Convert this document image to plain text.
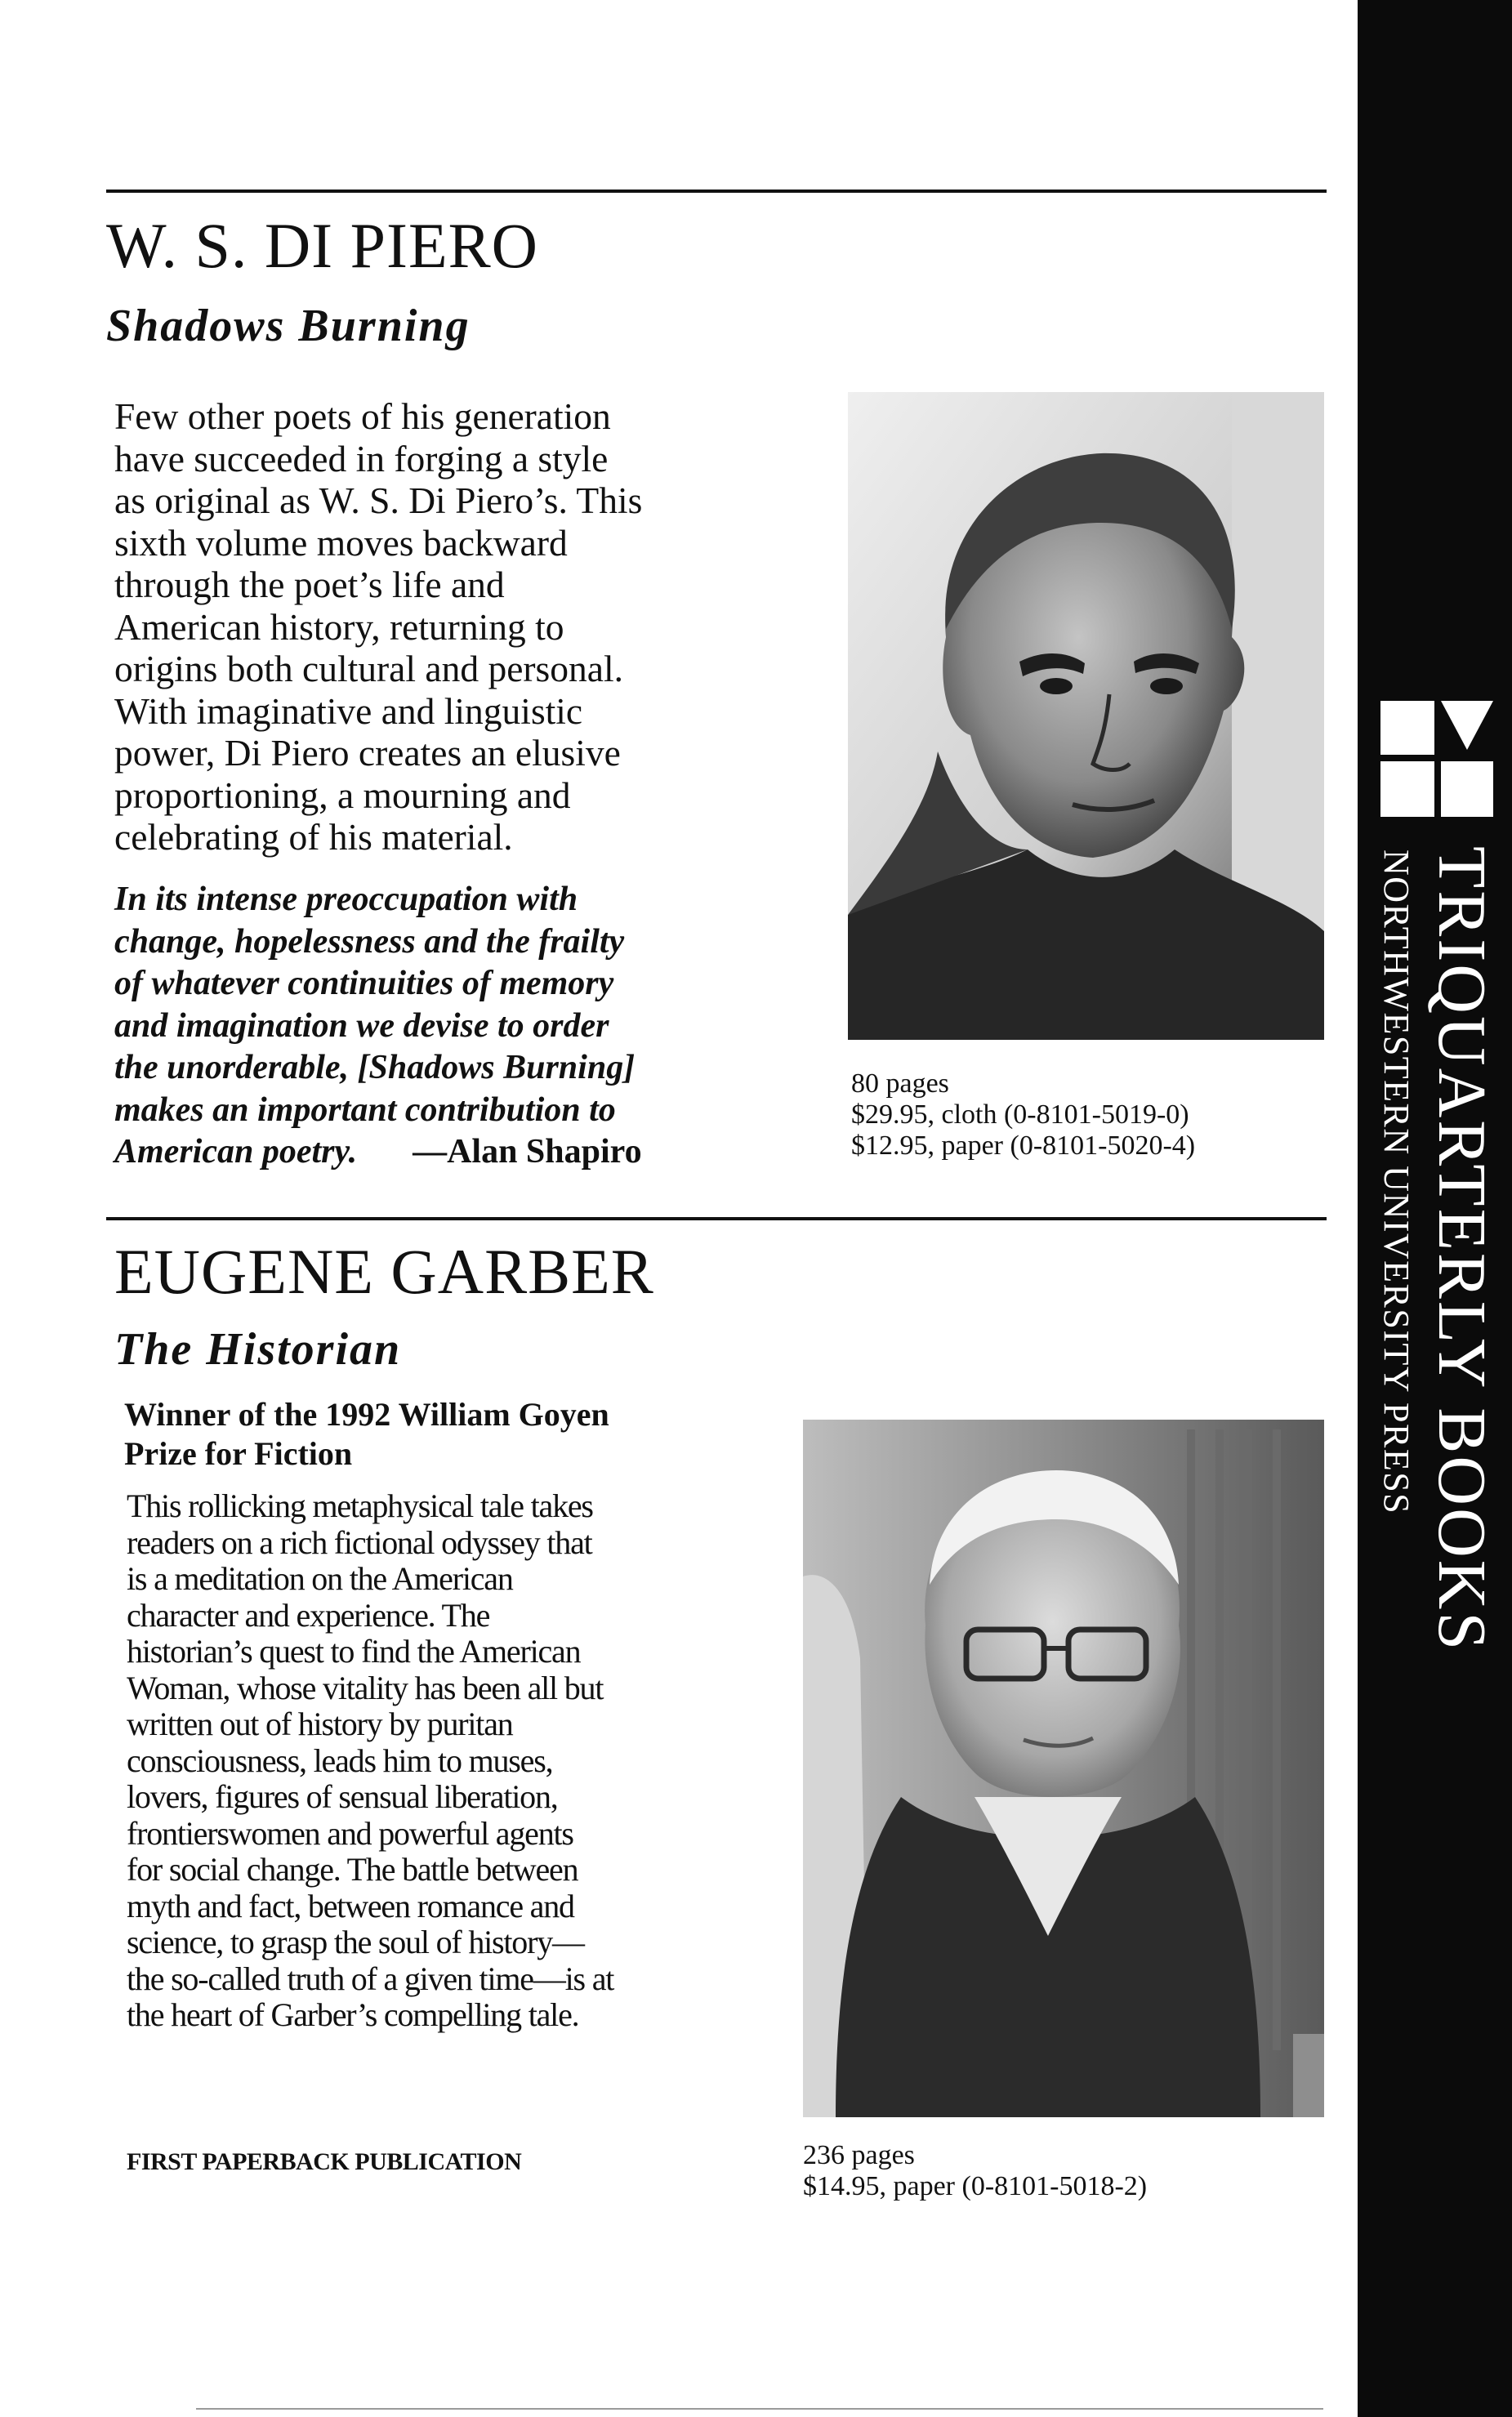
W. S. DI PIERO
Shadows Burning
Few other poets of his generation
have succeeded in forging a style
as original as W. S. Di Piero’s. This
sixth volume moves backward
through the poet’s life and
American history, returning to
origins both cultural and personal.
With imaginative and linguistic
power, Di Piero creates an elusive
proportioning, a mourning and
celebrating of his material.
In its intense preoccupation with
change, hopelessness and the frailty
of whatever continuities of memory
and imagination we devise to order
the unorderable, [Shadows Burning]
makes an important contribution to
American poetry. —Alan Shapiro
80 pages
$29.95, cloth (0-8101-5019-0)
$12.95, paper (0-8101-5020-4)
EUGENE GARBER
The Historian
Winner of the 1992 William Goyen
Prize for Fiction
This rollicking metaphysical tale takes
readers on a rich fictional odyssey that
is a meditation on the American
character and experience. The
historian’s quest to find the American
Woman, whose vitality has been all but
written out of history by puritan
consciousness, leads him to muses,
lovers, figures of sensual liberation,
frontierswomen and powerful agents
for social change. The battle between
myth and fact, between romance and
science, to grasp the soul of history—
the so-called truth of a given time—is at
the heart of Garber’s compelling tale.
FIRST PAPERBACK PUBLICATION	236 pages
$14.95, paper (0-8101-5018-2)
TRIQUARTERLY BOOKS
NORTHWESTERN UNIVERSITY PRESS
